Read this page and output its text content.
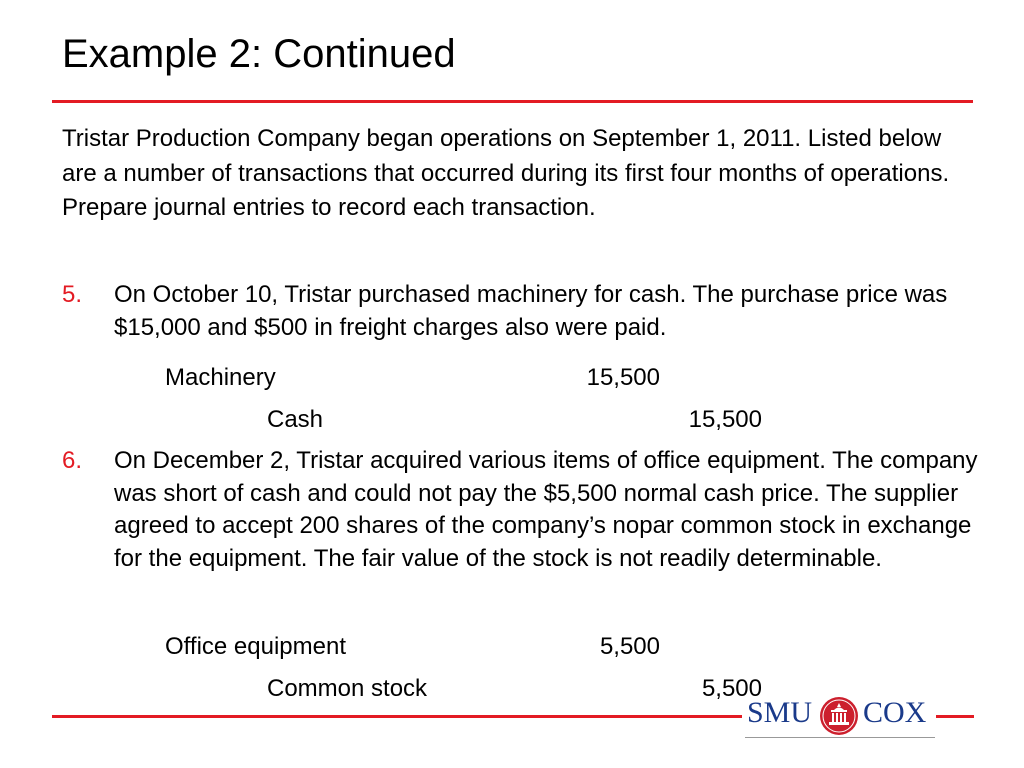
Example 2: Continued
Tristar Production Company began operations on September 1, 2011. Listed below are a number of transactions that occurred during its first four months of operations. Prepare journal entries to record each transaction.
5. On October 10, Tristar purchased machinery for cash. The purchase price was $15,000 and $500 in freight charges also were paid.
Machinery	15,500
Cash	15,500
6. On December 2, Tristar acquired various items of office equipment. The company was short of cash and could not pay the $5,500 normal cash price. The supplier agreed to accept 200 shares of the company’s nopar common stock in exchange for the equipment. The fair value of the stock is not readily determinable.
Office equipment	5,500
Common stock	5,500
SMU COX
